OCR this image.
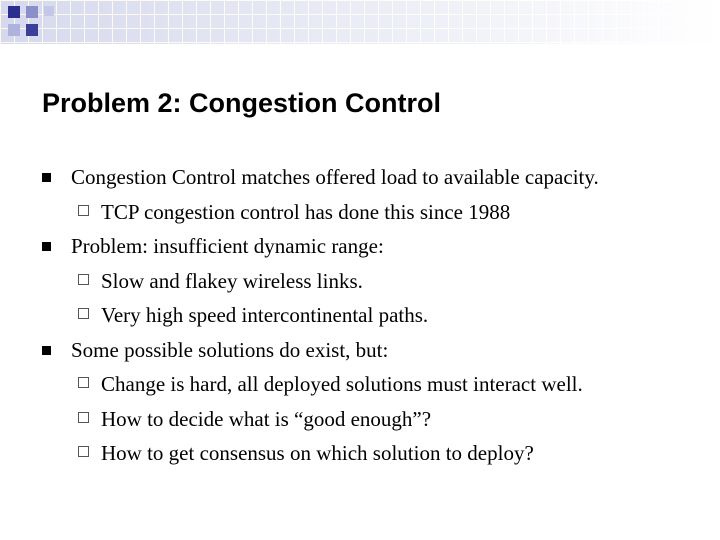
Problem 2: Congestion Control
Congestion Control matches offered load to available capacity.
TCP congestion control has done this since 1988
Problem: insufficient dynamic range:
Slow and flakey wireless links.
Very high speed intercontinental paths.
Some possible solutions do exist, but:
Change is hard, all deployed solutions must interact well.
How to decide what is “good enough”?
How to get consensus on which solution to deploy?
